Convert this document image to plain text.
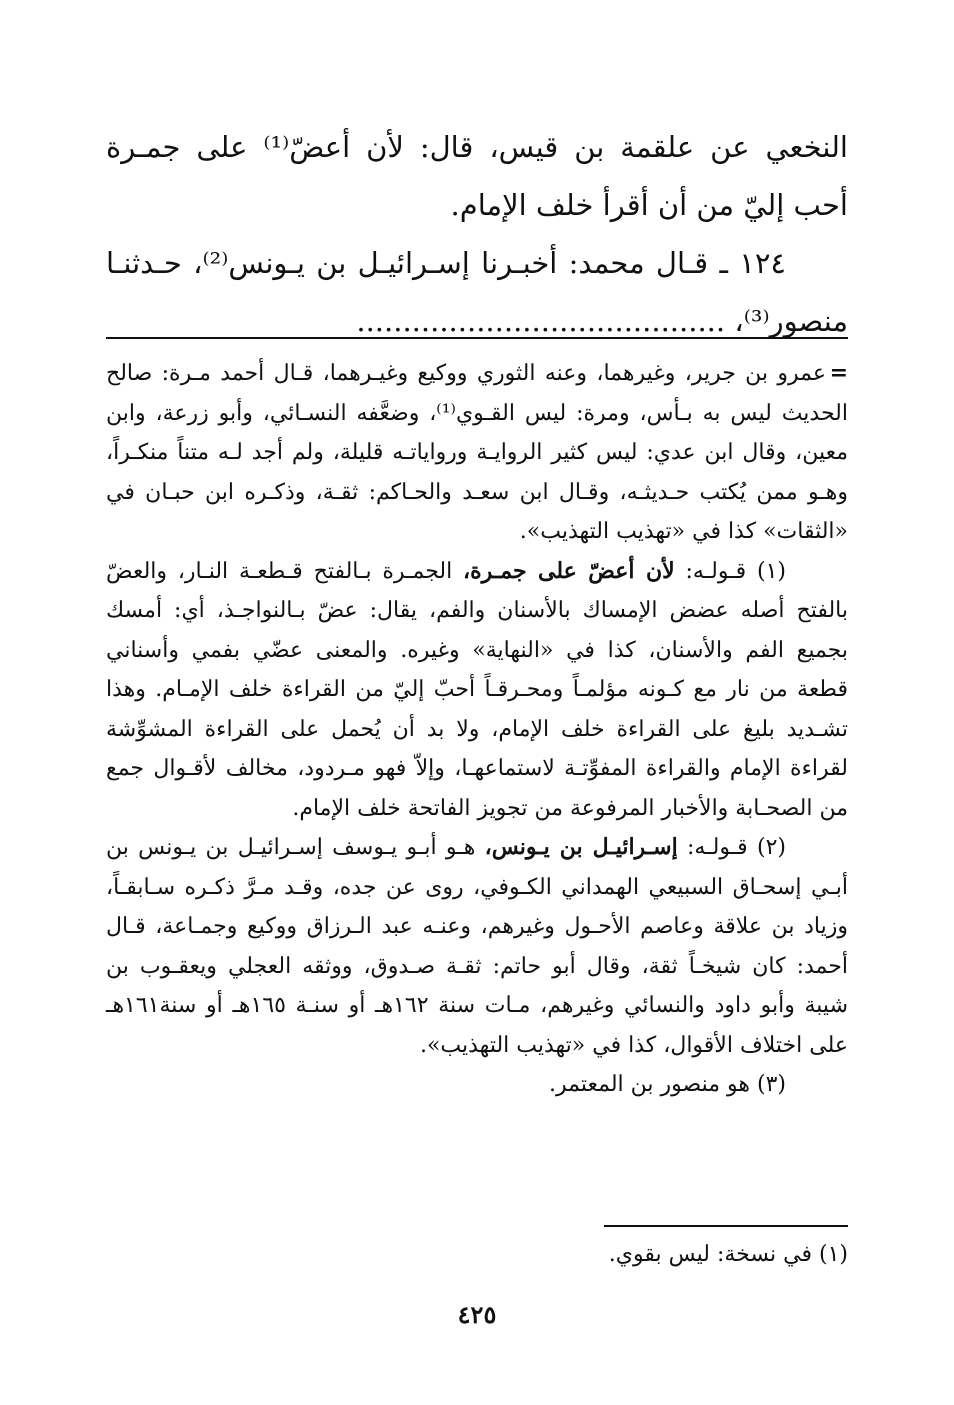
النخعي عن علقمة بن قيس، قال: لأن أعضّ⁽¹⁾ على جمـرة أحب إليّ من أن أقرأ خلف الإمام.

١٢٤ ـ قـال محمد: أخبـرنا إسـرائيـل بن يـونس⁽²⁾، حـدثنـا منصور⁽³⁾، ........................................

=عمرو بن جرير، وغيرهما، وعنه الثوري ووكيع وغيـرهما، قـال أحمد مـرة: صالح الحديث ليس به بـأس، ومرة: ليس القـوي⁽¹⁾، وضعَّفه النسـائي، وأبو زرعة، وابن معين، وقال ابن عدي: ليس كثير الروايـة ورواياتـه قليلة، ولم أجد لـه متناً منكـراً، وهـو ممن يُكتب حـديثـه، وقـال ابن سعـد والحـاكم: ثقـة، وذكـره ابن حبـان في «الثقات» كذا في «تهذيب التهذيب».

(١) قـولـه: لأن أعضّ على جمـرة، الجمـرة بـالفتح قـطعـة النـار، والعضّ بالفتح أصله عضض الإمساك بالأسنان والفم، يقال: عضّ بـالنواجـذ، أي: أمسك بجميع الفم والأسنان، كذا في «النهاية» وغيره. والمعنى عضّي بفمي وأسناني قطعة من نار مع كـونه مؤلمـاً ومحـرقـاً أحبّ إليّ من القراءة خلف الإمـام. وهذا تشـديد بليغ على القراءة خلف الإمام، ولا بد أن يُحمل على القراءة المشوِّشة لقراءة الإمام والقراءة المفوِّتـة لاستماعهـا، وإلاّ فهو مـردود، مخالف لأقـوال جمع من الصحـابة والأخبار المرفوعة من تجويز الفاتحة خلف الإمام.

(٢) قـولـه: إسـرائيـل بن يـونس، هـو أبـو يـوسف إسـرائيـل بن يـونس بن أبـي إسحـاق السبيعي الهمداني الكـوفي، روى عن جده، وقـد مـرَّ ذكـره سـابقـاً، وزياد بن علاقة وعاصم الأحـول وغيرهم، وعنـه عبد الـرزاق ووكيع وجمـاعة، قـال أحمد: كان شيخـاً ثقة، وقال أبو حاتم: ثقـة صـدوق، ووثقه العجلي ويعقـوب بن شيبة وأبو داود والنسائي وغيرهم، مـات سنة ١٦٢هـ أو سنـة ١٦٥هـ أو سنة١٦١هـ على اختلاف الأقوال، كذا في «تهذيب التهذيب».

(٣) هو منصور بن المعتمر.

(١) في نسخة: ليس بقوي.
٤٢٥
